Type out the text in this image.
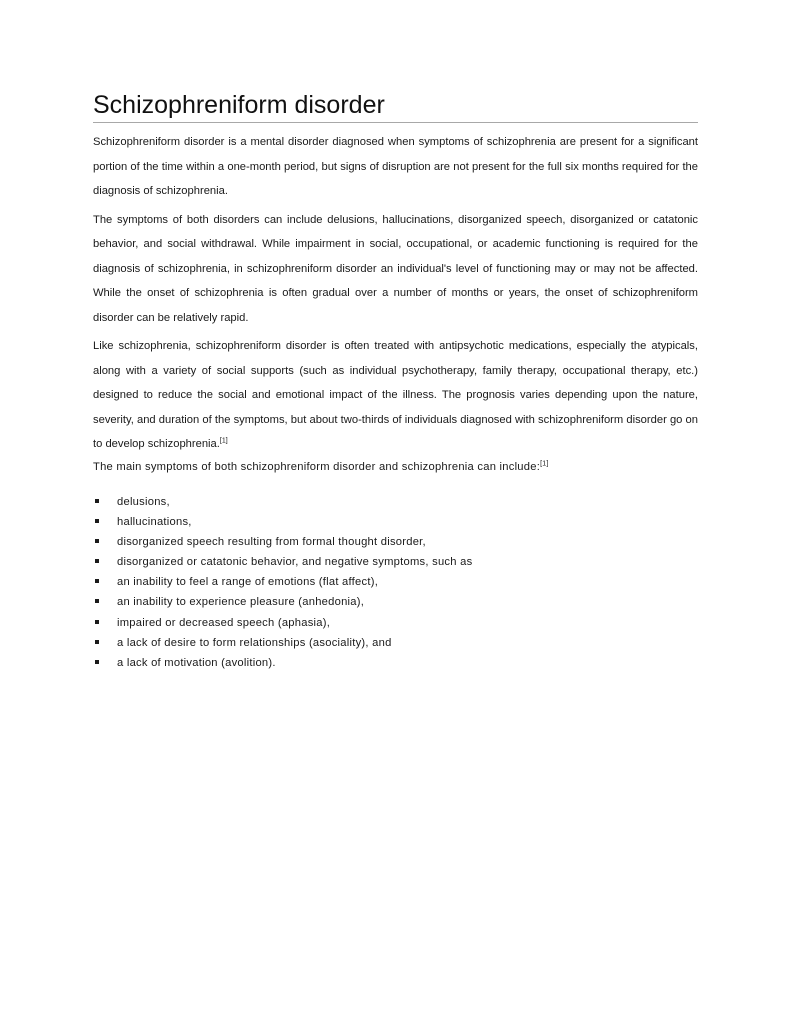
Schizophreniform disorder

Schizophreniform disorder is a mental disorder diagnosed when symptoms of schizophrenia are present for a significant portion of the time within a one-month period, but signs of disruption are not present for the full six months required for the diagnosis of schizophrenia.

The symptoms of both disorders can include delusions, hallucinations, disorganized speech, disorganized or catatonic behavior, and social withdrawal. While impairment in social, occupational, or academic functioning is required for the diagnosis of schizophrenia, in schizophreniform disorder an individual's level of functioning may or may not be affected. While the onset of schizophrenia is often gradual over a number of months or years, the onset of schizophreniform disorder can be relatively rapid.

Like schizophrenia, schizophreniform disorder is often treated with antipsychotic medications, especially the atypicals, along with a variety of social supports (such as individual psychotherapy, family therapy, occupational therapy, etc.) designed to reduce the social and emotional impact of the illness. The prognosis varies depending upon the nature, severity, and duration of the symptoms, but about two-thirds of individuals diagnosed with schizophreniform disorder go on to develop schizophrenia.[1]

The main symptoms of both schizophreniform disorder and schizophrenia can include:[1]

delusions,
hallucinations,
disorganized speech resulting from formal thought disorder,
disorganized or catatonic behavior, and negative symptoms, such as
an inability to feel a range of emotions (flat affect),
an inability to experience pleasure (anhedonia),
impaired or decreased speech (aphasia),
a lack of desire to form relationships (asociality), and
a lack of motivation (avolition).
